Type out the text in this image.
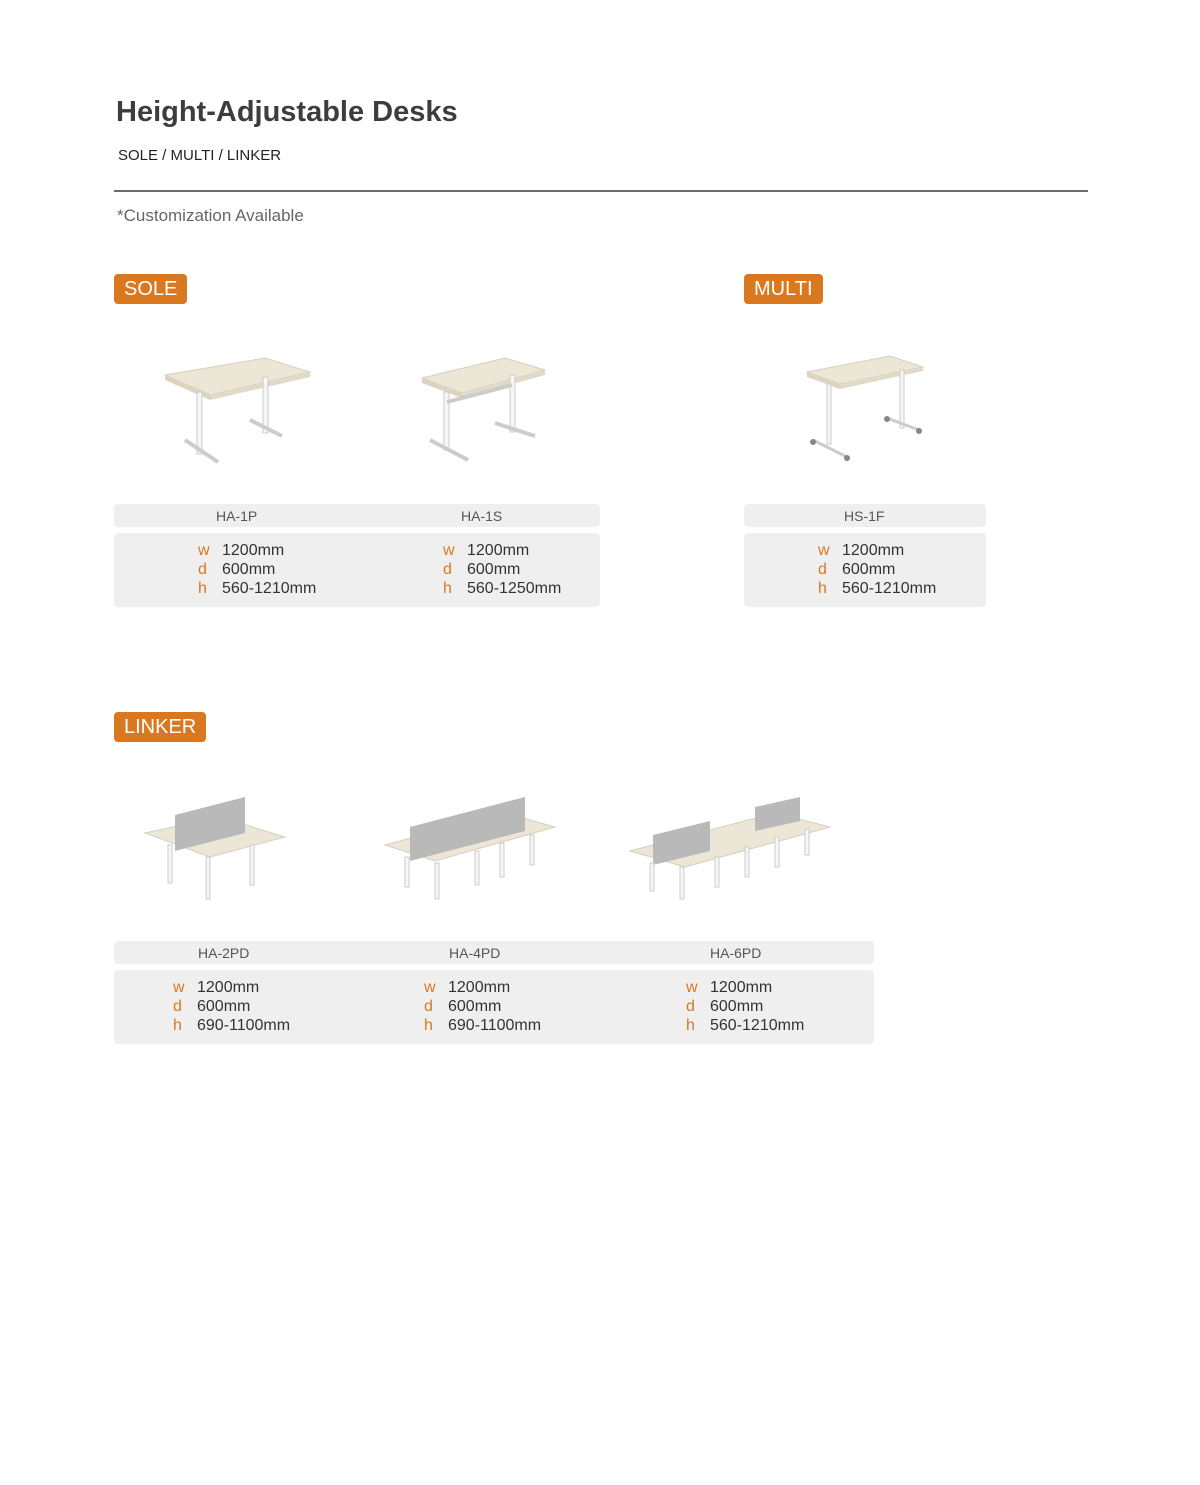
Height-Adjustable Desks
SOLE / MULTI / LINKER
*Customization Available
SOLE
HA-1P	HA-1S
w 1200mm
d 600mm
h 560-1210mm
w 1200mm
d 600mm
h 560-1250mm
MULTI
HS-1F
w 1200mm
d 600mm
h 560-1210mm
LINKER
HA-2PD	HA-4PD	HA-6PD
w 1200mm
d 600mm
h 690-1100mm
w 1200mm
d 600mm
h 690-1100mm
w 1200mm
d 600mm
h 560-1210mm
